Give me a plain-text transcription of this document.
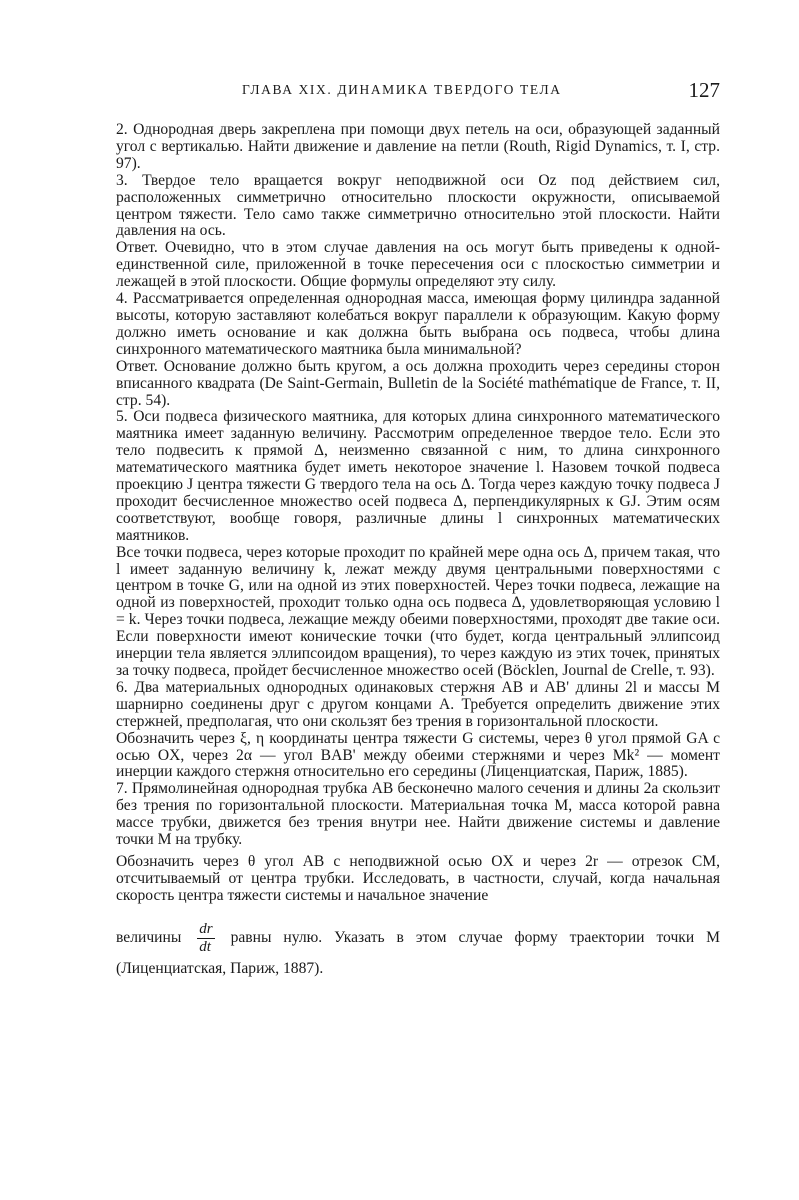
ГЛАВА XIX. ДИНАМИКА ТВЕРДОГО ТЕЛА	127

2. Однородная дверь закреплена при помощи двух петель на оси, образующей заданный угол с вертикалью. Найти движение и давление на петли (Routh, Rigid Dynamics, т. I, стр. 97).

3. Твердое тело вращается вокруг неподвижной оси Oz под действием сил, расположенных симметрично относительно плоскости окружности, описываемой центром тяжести. Тело само также симметрично относительно этой плоскости. Найти давления на ось.

Ответ. Очевидно, что в этом случае давления на ось могут быть приведены к одной-единственной силе, приложенной в точке пересечения оси с плоскостью симметрии и лежащей в этой плоскости. Общие формулы определяют эту силу.

4. Рассматривается определенная однородная масса, имеющая форму цилиндра заданной высоты, которую заставляют колебаться вокруг параллели к образующим. Какую форму должно иметь основание и как должна быть выбрана ось подвеса, чтобы длина синхронного математического маятника была минимальной?

Ответ. Основание должно быть кругом, а ось должна проходить через середины сторон вписанного квадрата (De Saint-Germain, Bulletin de la Société mathématique de France, т. II, стр. 54).

5. Оси подвеса физического маятника, для которых длина синхронного математического маятника имеет заданную величину. Рассмотрим определенное твердое тело. Если это тело подвесить к прямой Δ, неизменно связанной с ним, то длина синхронного математического маятника будет иметь некоторое значение l. Назовем точкой подвеса проекцию J центра тяжести G твердого тела на ось Δ. Тогда через каждую точку подвеса J проходит бесчисленное множество осей подвеса Δ, перпендикулярных к GJ. Этим осям соответствуют, вообще говоря, различные длины l синхронных математических маятников.

Все точки подвеса, через которые проходит по крайней мере одна ось Δ, причем такая, что l имеет заданную величину k, лежат между двумя центральными поверхностями с центром в точке G, или на одной из этих поверхностей. Через точки подвеса, лежащие на одной из поверхностей, проходит только одна ось подвеса Δ, удовлетворяющая условию l = k. Через точки подвеса, лежащие между обеими поверхностями, проходят две такие оси. Если поверхности имеют конические точки (что будет, когда центральный эллипсоид инерции тела является эллипсоидом вращения), то через каждую из этих точек, принятых за точку подвеса, пройдет бесчисленное множество осей (Böcklen, Journal de Crelle, т. 93).

6. Два материальных однородных одинаковых стержня AB и AB' длины 2l и массы M шарнирно соединены друг с другом концами A. Требуется определить движение этих стержней, предполагая, что они скользят без трения в горизонтальной плоскости.

Обозначить через ξ, η координаты центра тяжести G системы, через θ угол прямой GA с осью OX, через 2α — угол BAB' между обеими стержнями и через Mk² — момент инерции каждого стержня относительно его середины (Лиценциатская, Париж, 1885).

7. Прямолинейная однородная трубка AB бесконечно малого сечения и длины 2a скользит без трения по горизонтальной плоскости. Материальная точка M, масса которой равна массе трубки, движется без трения внутри нее. Найти движение системы и давление точки M на трубку.

Обозначить через θ угол AB с неподвижной осью OX и через 2r — отрезок CM, отсчитываемый от центра трубки. Исследовать, в частности, случай, когда начальная скорость центра тяжести системы и начальное значение

величины $\frac{dr}{dt}$ равны нулю. Указать в этом случае форму траектории точки M

(Лиценциатская, Париж, 1887).
